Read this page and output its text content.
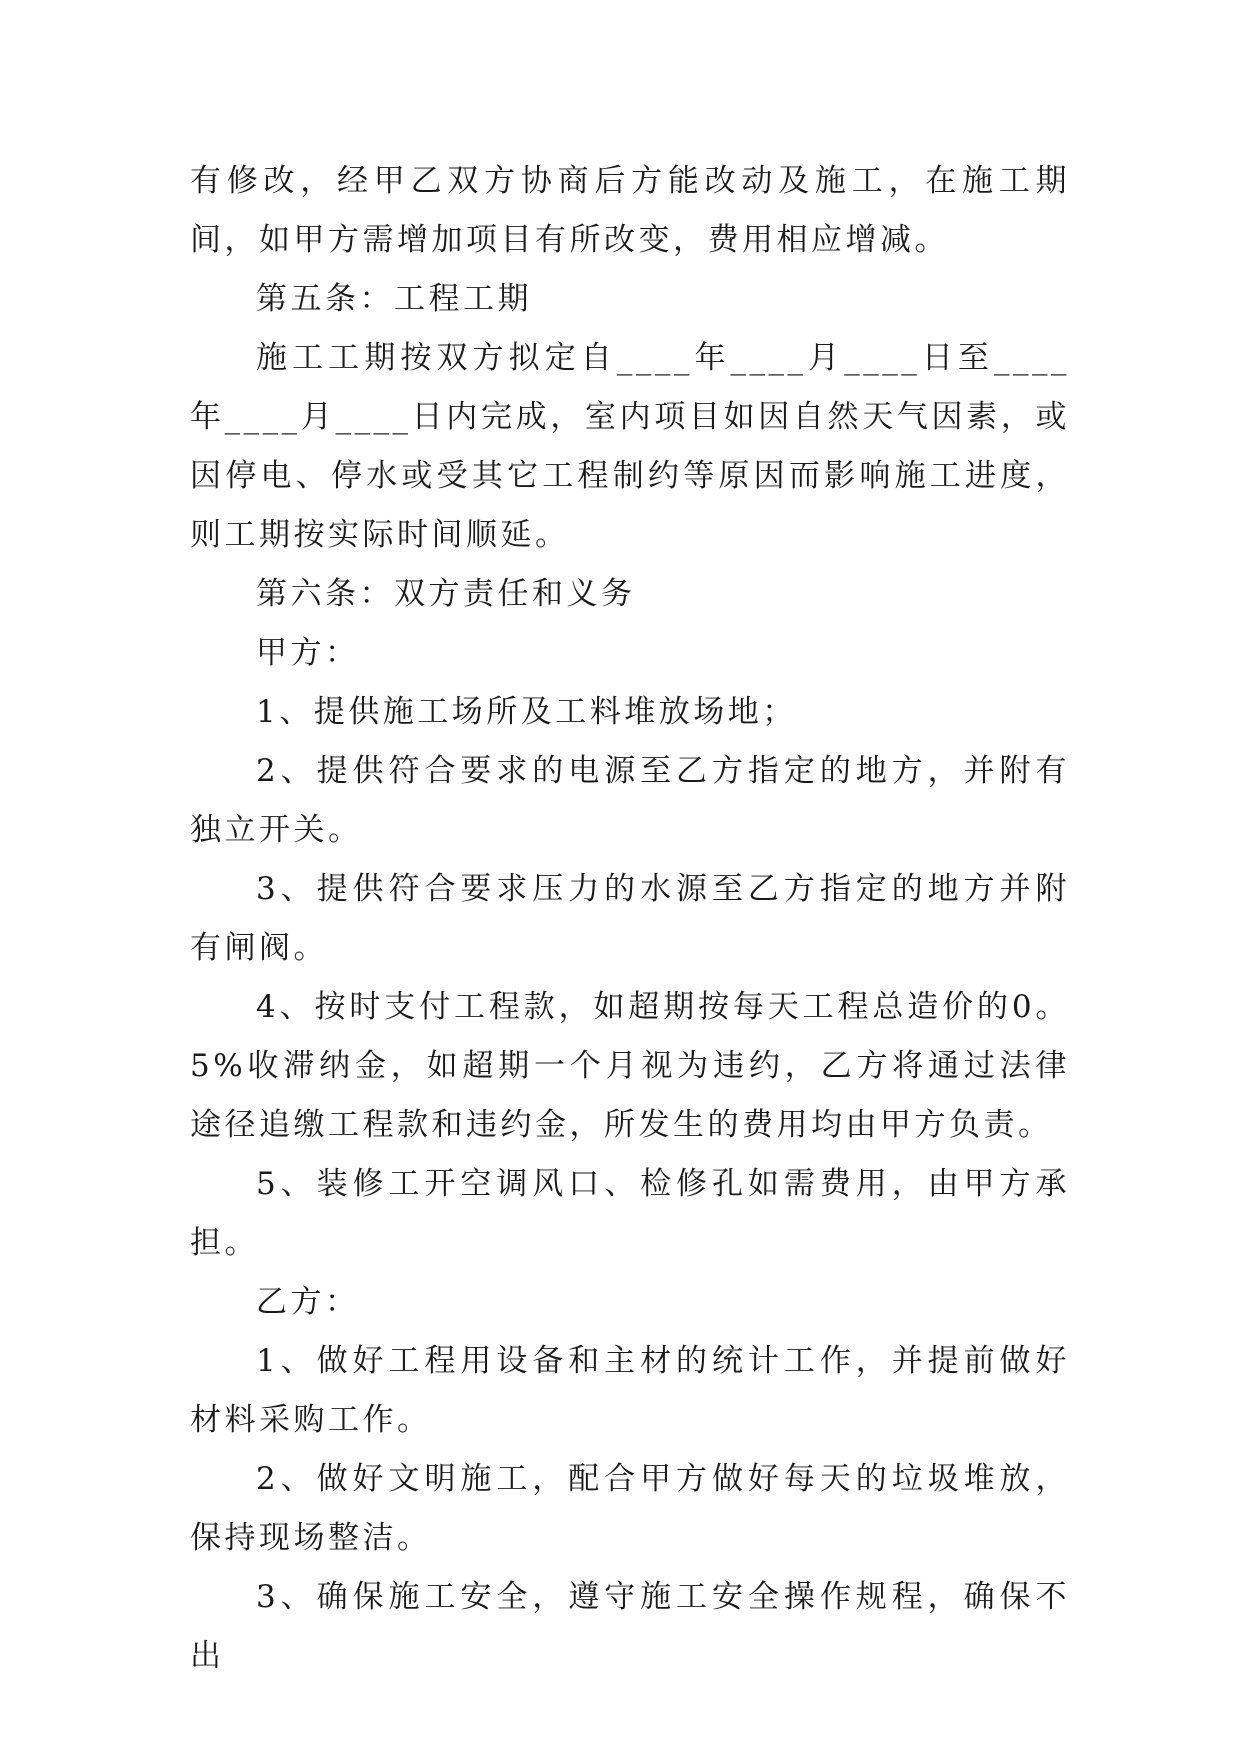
有修改，经甲乙双方协商后方能改动及施工，在施工期间，如甲方需增加项目有所改变，费用相应增减。

第五条：工程工期

施工工期按双方拟定自____年____月____日至____年____月____日内完成，室内项目如因自然天气因素，或因停电、停水或受其它工程制约等原因而影响施工进度，则工期按实际时间顺延。

第六条：双方责任和义务

甲方：

1、提供施工场所及工料堆放场地；

2、提供符合要求的电源至乙方指定的地方，并附有独立开关。

3、提供符合要求压力的水源至乙方指定的地方并附有闸阀。

4、按时支付工程款，如超期按每天工程总造价的0。5%收滞纳金，如超期一个月视为违约，乙方将通过法律途径追缴工程款和违约金，所发生的费用均由甲方负责。

5、装修工开空调风口、检修孔如需费用，由甲方承担。

乙方：

1、做好工程用设备和主材的统计工作，并提前做好材料采购工作。

2、做好文明施工，配合甲方做好每天的垃圾堆放，保持现场整洁。

3、确保施工安全，遵守施工安全操作规程，确保不出
